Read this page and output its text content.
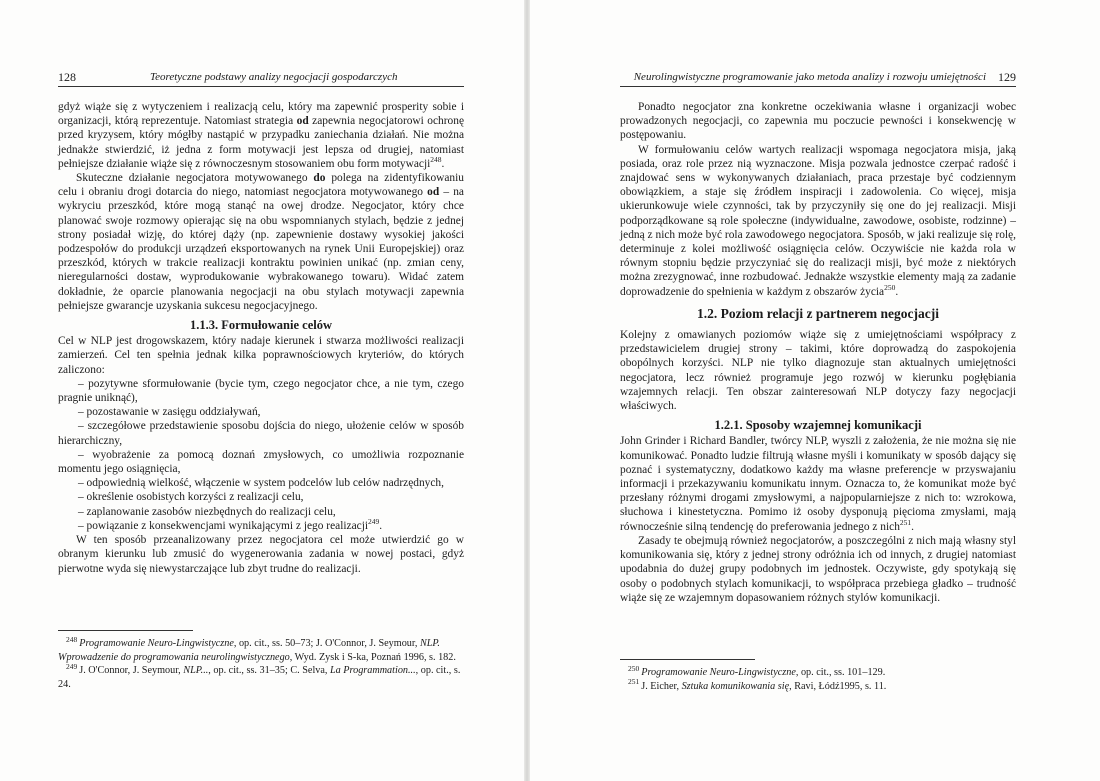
128	Teoretyczne podstawy analizy negocjacji gospodarczych

gdyż wiąże się z wytyczeniem i realizacją celu, który ma zapewnić prosperity sobie i organizacji, którą reprezentuje. Natomiast strategia od zapewnia negocjatorowi ochronę przed kryzysem, który mógłby nastąpić w przypadku zaniechania działań. Nie można jednakże stwierdzić, iż jedna z form motywacji jest lepsza od drugiej, natomiast pełniejsze działanie wiąże się z równoczesnym stosowaniem obu form motywacji$^{248}$.

Skuteczne działanie negocjatora motywowanego do polega na zidentyfikowaniu celu i obraniu drogi dotarcia do niego, natomiast negocjatora motywowanego od – na wykryciu przeszkód, które mogą stanąć na owej drodze. Negocjator, który chce planować swoje rozmowy opierając się na obu wspomnianych stylach, będzie z jednej strony posiadał wizję, do której dąży (np. zapewnienie dostawy wysokiej jakości podzespołów do produkcji urządzeń eksportowanych na rynek Unii Europejskiej) oraz przeszkód, których w trakcie realizacji kontraktu powinien unikać (np. zmian ceny, nieregularności dostaw, wyprodukowanie wybrakowanego towaru). Widać zatem dokładnie, że oparcie planowania negocjacji na obu stylach motywacji zapewnia pełniejsze gwarancje uzyskania sukcesu negocjacyjnego.

1.1.3. Formułowanie celów

Cel w NLP jest drogowskazem, który nadaje kierunek i stwarza możliwości realizacji zamierzeń. Cel ten spełnia jednak kilka poprawnościowych kryteriów, do których zaliczono:

– pozytywne sformułowanie (bycie tym, czego negocjator chce, a nie tym, czego pragnie uniknąć),

– pozostawanie w zasięgu oddziaływań,

– szczegółowe przedstawienie sposobu dojścia do niego, ułożenie celów w sposób hierarchiczny,

– wyobrażenie za pomocą doznań zmysłowych, co umożliwia rozpoznanie momentu jego osiągnięcia,

– odpowiednią wielkość, włączenie w system podcelów lub celów nadrzędnych,

– określenie osobistych korzyści z realizacji celu,

– zaplanowanie zasobów niezbędnych do realizacji celu,

– powiązanie z konsekwencjami wynikającymi z jego realizacji$^{249}$.

W ten sposób przeanalizowany przez negocjatora cel może utwierdzić go w obranym kierunku lub zmusić do wygenerowania zadania w nowej postaci, gdyż pierwotne wyda się niewystarczające lub zbyt trudne do realizacji.

$^{248}$ Programowanie Neuro-Lingwistyczne, op. cit., ss. 50–73; J. O'Connor, J. Seymour, NLP. Wprowadzenie do programowania neurolingwistycznego, Wyd. Zysk i S-ka, Poznań 1996, s. 182.

$^{249}$ J. O'Connor, J. Seymour, NLP..., op. cit., ss. 31–35; C. Selva, La Programmation..., op. cit., s. 24.

Neurolingwistyczne programowanie jako metoda analizy i rozwoju umiejętności 129

Ponadto negocjator zna konkretne oczekiwania własne i organizacji wobec prowadzonych negocjacji, co zapewnia mu poczucie pewności i konsekwencję w postępowaniu.

W formułowaniu celów wartych realizacji wspomaga negocjatora misja, jaką posiada, oraz role przez nią wyznaczone. Misja pozwala jednostce czerpać radość i znajdować sens w wykonywanych działaniach, praca przestaje być codziennym obowiązkiem, a staje się źródłem inspiracji i zadowolenia. Co więcej, misja ukierunkowuje wiele czynności, tak by przyczyniły się one do jej realizacji. Misji podporządkowane są role społeczne (indywidualne, zawodowe, osobiste, rodzinne) – jedną z nich może być rola zawodowego negocjatora. Sposób, w jaki realizuje się rolę, determinuje z kolei możliwość osiągnięcia celów. Oczywiście nie każda rola w równym stopniu będzie przyczyniać się do realizacji misji, być może z niektórych można zrezygnować, inne rozbudować. Jednakże wszystkie elementy mają za zadanie doprowadzenie do spełnienia w każdym z obszarów życia$^{250}$.

1.2. Poziom relacji z partnerem negocjacji

Kolejny z omawianych poziomów wiąże się z umiejętnościami współpracy z przedstawicielem drugiej strony – takimi, które doprowadzą do zaspokojenia obopólnych korzyści. NLP nie tylko diagnozuje stan aktualnych umiejętności negocjatora, lecz również programuje jego rozwój w kierunku pogłębiania wzajemnych relacji. Ten obszar zainteresowań NLP dotyczy fazy negocjacji właściwych.

1.2.1. Sposoby wzajemnej komunikacji

John Grinder i Richard Bandler, twórcy NLP, wyszli z założenia, że nie można się nie komunikować. Ponadto ludzie filtrują własne myśli i komunikaty w sposób dający się poznać i systematyczny, dodatkowo każdy ma własne preferencje w przyswajaniu informacji i przekazywaniu komunikatu innym. Oznacza to, że komunikat może być przesłany różnymi drogami zmysłowymi, a najpopularniejsze z nich to: wzrokowa, słuchowa i kinestetyczna. Pomimo iż osoby dysponują pięcioma zmysłami, mają równocześnie silną tendencję do preferowania jednego z nich$^{251}$.

Zasady te obejmują również negocjatorów, a poszczególni z nich mają własny styl komunikowania się, który z jednej strony odróżnia ich od innych, z drugiej natomiast upodabnia do dużej grupy podobnych im jednostek. Oczywiste, gdy spotykają się osoby o podobnych stylach komunikacji, to współpraca przebiega gładko – trudność wiąże się ze wzajemnym dopasowaniem różnych stylów komunikacji.

$^{250}$ Programowanie Neuro-Lingwistyczne, op. cit., ss. 101–129.

$^{251}$ J. Eicher, Sztuka komunikowania się, Ravi, Łódź1995, s. 11.
